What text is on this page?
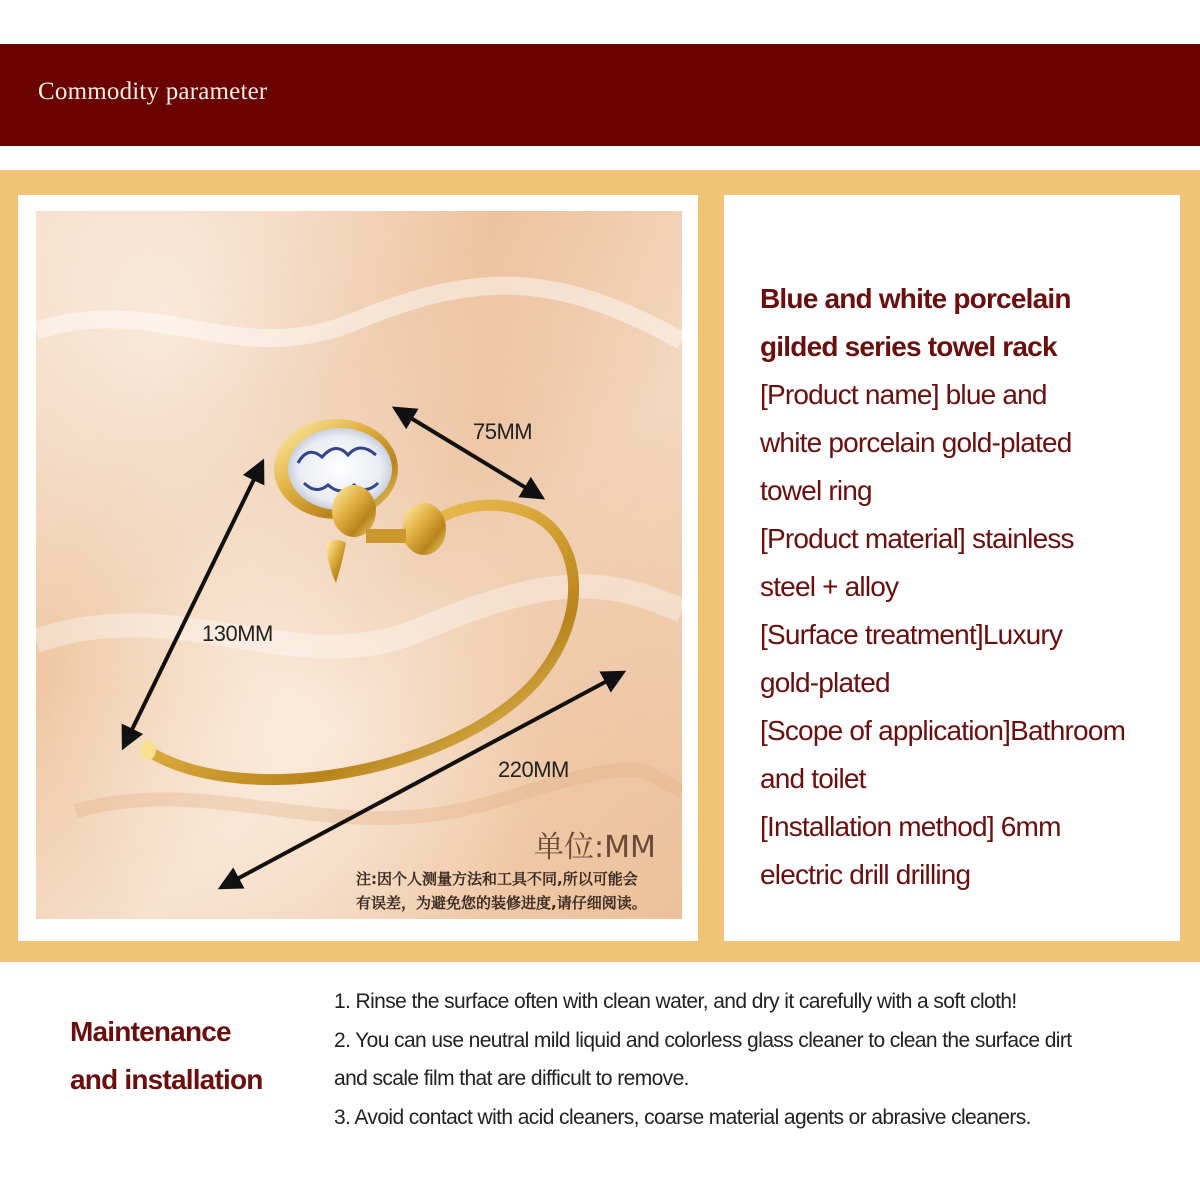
Commodity parameter
75MM
130MM
220MM
单位:MM
注:因个人测量方法和工具不同,所以可能会
有误差，为避免您的装修进度,请仔细阅读。
Blue and white porcelain
gilded series towel rack
[Product name] blue and
white porcelain gold-plated
towel ring
[Product material] stainless
steel + alloy
[Surface treatment]Luxury
gold-plated
[Scope of application]Bathroom
and toilet
[Installation method] 6mm
electric drill drilling
Maintenance
and installation
1. Rinse the surface often with clean water, and dry it carefully with a soft cloth!
2. You can use neutral mild liquid and colorless glass cleaner to clean the surface dirt
and scale film that are difficult to remove.
3. Avoid contact with acid cleaners, coarse material agents or abrasive cleaners.
